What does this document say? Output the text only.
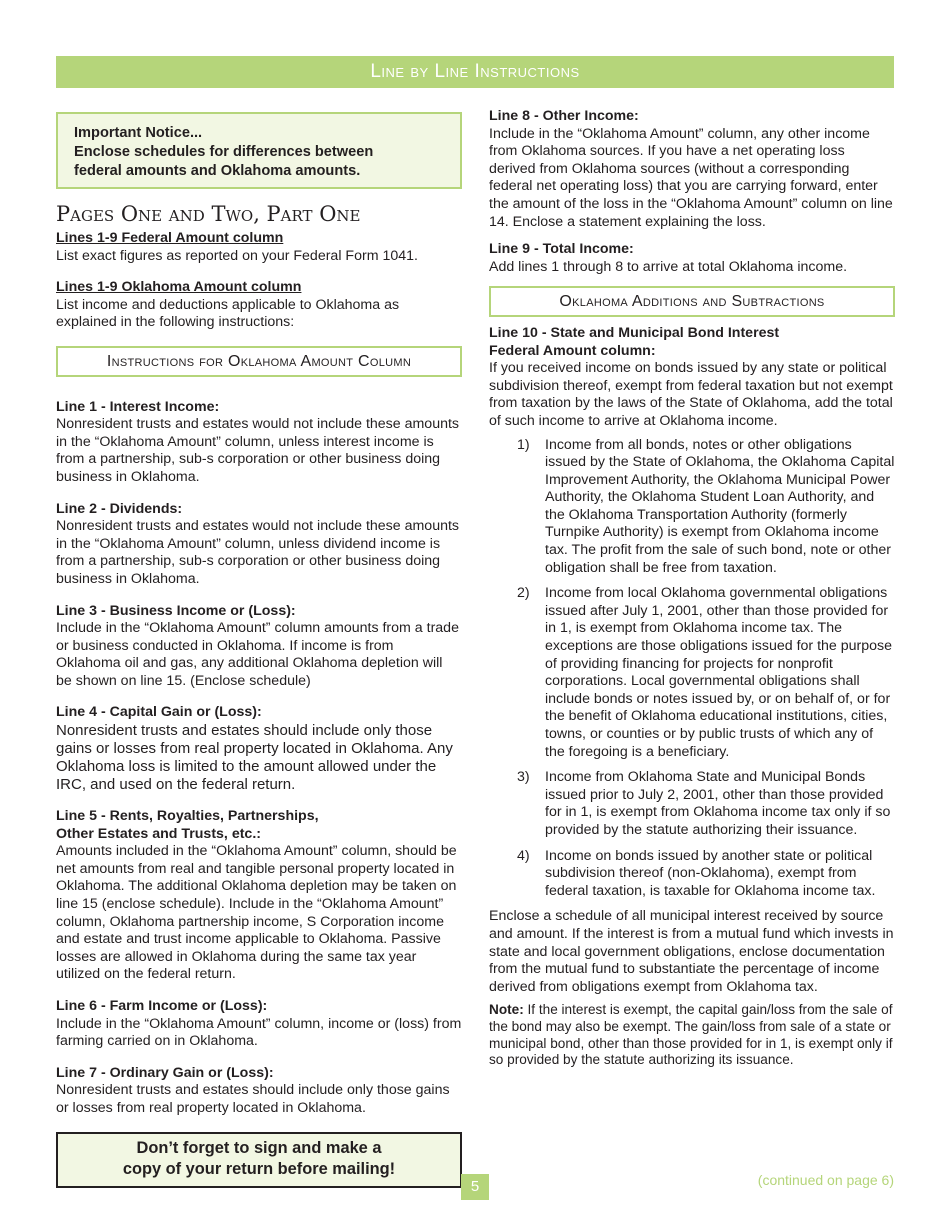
Line by Line Instructions
Important Notice...
Enclose schedules for differences between
federal amounts and Oklahoma amounts.
Pages One and Two, Part One

Lines 1-9 Federal Amount column

List exact figures as reported on your Federal Form 1041.

Lines 1-9 Oklahoma Amount column

List income and deductions applicable to Oklahoma as explained in the following instructions:

Instructions for Oklahoma Amount Column

Line 1 - Interest Income:

Nonresident trusts and estates would not include these amounts in the “Oklahoma Amount” column, unless interest income is from a partnership, sub-s corporation or other business doing business in Oklahoma.

Line 2 - Dividends:

Nonresident trusts and estates would not include these amounts in the “Oklahoma Amount” column, unless dividend income is from a partnership, sub-s corporation or other business doing business in Oklahoma.

Line 3 - Business Income or (Loss):

Include in the “Oklahoma Amount” column amounts from a trade or business conducted in Oklahoma. If income is from Oklahoma oil and gas, any additional Oklahoma depletion will be shown on line 15. (Enclose schedule)

Line 4 - Capital Gain or (Loss):

Nonresident trusts and estates should include only those gains or losses from real property located in Oklahoma. Any Oklahoma loss is limited to the amount allowed under the IRC, and used on the federal return.

Line 5 - Rents, Royalties, Partnerships,

Other Estates and Trusts, etc.:

Amounts included in the “Oklahoma Amount” column, should be net amounts from real and tangible personal property located in Oklahoma. The additional Oklahoma depletion may be taken on line 15 (enclose schedule). Include in the “Oklahoma Amount” column, Oklahoma partnership income, S Corporation income and estate and trust income applicable to Oklahoma. Passive losses are allowed in Oklahoma during the same tax year utilized on the federal return.

Line 6 - Farm Income or (Loss):

Include in the “Oklahoma Amount” column, income or (loss) from farming carried on in Oklahoma.

Line 7 - Ordinary Gain or (Loss):

Nonresident trusts and estates should include only those gains or losses from real property located in Oklahoma.

Don’t forget to sign and make a
copy of your return before mailing!

Line 8 - Other Income:

Include in the “Oklahoma Amount” column, any other income from Oklahoma sources. If you have a net operating loss derived from Oklahoma sources (without a corresponding federal net operating loss) that you are carrying forward, enter the amount of the loss in the “Oklahoma Amount” column on line 14. Enclose a statement explaining the loss.

Line 9 - Total Income:

Add lines 1 through 8 to arrive at total Oklahoma income.

Oklahoma Additions and Subtractions

Line 10 - State and Municipal Bond Interest

Federal Amount column:

If you received income on bonds issued by any state or political subdivision thereof, exempt from federal taxation but not exempt from taxation by the laws of the State of Oklahoma, add the total of such income to arrive at Oklahoma income.

1)	Income from all bonds, notes or other obligations issued by the State of Oklahoma, the Oklahoma Capital Improvement Authority, the Oklahoma Municipal Power Authority, the Oklahoma Student Loan Authority, and the Oklahoma Transportation Authority (formerly Turnpike Authority) is exempt from Oklahoma income tax. The profit from the sale of such bond, note or other obligation shall be free from taxation.
2)	Income from local Oklahoma governmental obligations issued after July 1, 2001, other than those provided for in 1, is exempt from Oklahoma income tax. The exceptions are those obligations issued for the purpose of providing financing for projects for nonprofit corporations. Local governmental obligations shall include bonds or notes issued by, or on behalf of, or for the benefit of Oklahoma educational institutions, cities, towns, or counties or by public trusts of which any of the foregoing is a beneficiary.
3)	Income from Oklahoma State and Municipal Bonds issued prior to July 2, 2001, other than those provided for in 1, is exempt from Oklahoma income tax only if so provided by the statute authorizing their issuance.
4)	Income on bonds issued by another state or political subdivision thereof (non-Oklahoma), exempt from federal taxation, is taxable for Oklahoma income tax.

Enclose a schedule of all municipal interest received by source and amount. If the interest is from a mutual fund which invests in state and local government obligations, enclose documentation from the mutual fund to substantiate the percentage of income derived from obligations exempt from Oklahoma tax.

Note: If the interest is exempt, the capital gain/loss from the sale of the bond may also be exempt. The gain/loss from sale of a state or municipal bond, other than those provided for in 1, is exempt only if so provided by the statute authorizing its issuance.

5	(continued on page 6)
